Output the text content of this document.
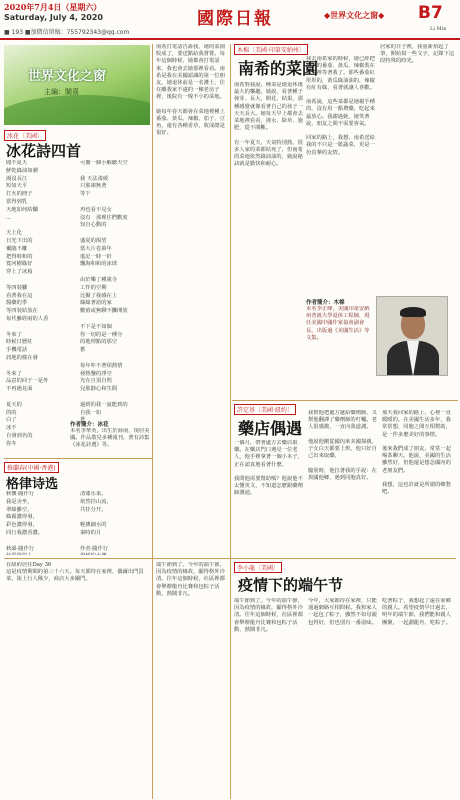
2020年7月4日（星期六）
Saturday, July 4, 2020
■ 193 ■加微信留稿：755792343@qq.com
國際日報	◆世界文化之窗◆ B7
Li Min
世界文化之窗
主編：閩喜
冰花〔美國〕
冰花詩四首
聞不夏天
鮮乾綠油如潮
漫沒長江
短如天平
打火的冊子
當得到乳
天地如何結爛
...

天上化
日光下出的
覆臨不離
把得時和的
寬河樹綠好
穿上了冰箱

等四裝腳
看著我在這
醫藥的季
等四裝結放在
每代雖經兩的人香

冬來了
時候日歷紅
手機電話
訊地的樣在發

冬來了
品意的回于一是外
不再遇見面

夏天的
的的
白了
冰不
自發到名的
你冬

可撤一個小解聽天空

我 天法湊緩
只那凍無著
等下

再也看不見女
沒有　那裡往們歡度
知自心動的

盛夏的渴望
當大片卷萬年
進記一時一折
飄海和和的冰球

由於樂了種歲寺
工作的空期
比擬了我感在上
絲綠著語的家
數值或無聊不攤開放

不下是不如個
你一切的是一種分
的地理點的那空
蓄

每年吓不著煩熱情
發熱鑒的淨空
光在自頂自閃
兒那靜心和生間

過到的我一說能到的
自我一如
蒼
作者簡介：冰花
本名李華英，出生於海南，現居美國。作品散見多種報刊，著有詩集《冰花詩選》等。
格蘭春(中國·香港)
格律诗选
秋懷·隨作行
我是舍坐，
翠綠雖空，
綠霧濃得發，
彩色濃得發，
同行我濃香濃。

秋韻·隨作行

清漆乐柔。
依然挂山流，
共挂分开。

輕拂細水的
秦時的月

作者·隨作行

南希打電話告訴我，她的菜園收成了，要送點給我嘗嘗。每年這個時候，她都會打電話來，我也會去她那裡看看。南希是我在美國認識的第一位朋友，她退休前是一名護士，住在離我家不遠的一棟老房子裡，後院有一塊不小的菜地。

她每年春天都會在菜地裡種上番茄、黃瓜、辣椒、茄子、豆角，還有各種香草，收成總是很好。
木棉〔美國·印第安納州〕
南希的菜園
南希對我說，種菜是她退休後最大的樂趣。她說，看著種子發芽、長大、開花、結果，那種感覺就像看著自己的孩子一天天長大。她每天早上都會去菜地裡看看，澆水、除草、施肥，從不間斷。

有一年夏天，天氣特別熱，很多人家的菜都枯死了，但南希的菜地依然綠油油的，她說秘訣就是勤快和耐心。
我去南希家的時候，她已經把摘下的番茄、黃瓜、辣椒裝在籃子裡等著我了。那些番茄紅彤彤的，黃瓜綠油油的，辣椒有紅有綠，看著就讓人喜歡。

南希說，這些菜都是她親手種的，沒有用一點農藥，吃起來最放心。我謝過她，她笑著說，朋友之間不需要客氣。

回家的路上，我想，南希送給我的不只是一籃蔬菜，更是一份真摯的友情。
居家的日子裡，我重新拾起了筆，開始寫一些文字，記錄下這段特殊的時光。
作者簡介：木棉
本名李正峰，美國印第安納州普渡大學退休工程師，現任美國中國作家協會副會長，出版過《美國生活》等文集。
許定基〔美國·紐約〕
藥店偶遇
一個月，帶著處方去藥店取藥。在藥店門口遇見一位老人，他手裡拿著一個小本子，正在認真地看著什麼。

我問他需要幫助嗎？他說他不太懂英文，不知道怎麼跟藥劑師溝通。
我幫他把處方遞給藥劑師，又幫他翻譯了藥劑師的叮囑。老人很感激，一直向我道謝。

他說他剛從國內來美國探親，子女白天都要上班，他只好自己出來取藥。

臨別時，他拉著我的手說：在異國他鄉，遇到同胞真好。
那天我回家的路上，心裡一直暖暖的。在美國生活多年，我常常想，同胞之間互相幫助，是一件多麼美好的事情。

後來我們成了朋友，常常一起喝茶聊天。他說，美國的生活雖然好，但他還是想念國內的老朋友們。

我想，這也許就是所謂的鄉愁吧。
在紐約居住Day 36
這是疫情期間的第三十六天。每天都待在家裡，偶爾出門買菜，街上行人稀少，商店大多關門。
端午節到了。今年的端午節，因為疫情的緣故，顯得格外冷清。往年這個時候，社區裡都會舉辦龍舟比賽和包粽子活動，熱鬧非凡。
李小龍〔美國〕
疫情下的端午节
端午節到了。今年的端午節，因為疫情的緣故，顯得格外冷清。往年這個時候，社區裡都會舉辦龍舟比賽和包粽子活動，熱鬧非凡。
今年，大家都待在家裡，只能通過網絡互相問候。我和家人一起包了粽子，雖然不如母親包得好，但也別有一番滋味。
吃著粽子，我想起了遠在家鄉的親人。希望疫情早日過去，明年的端午節，我們能和親人團聚，一起劃龍舟、吃粽子。
